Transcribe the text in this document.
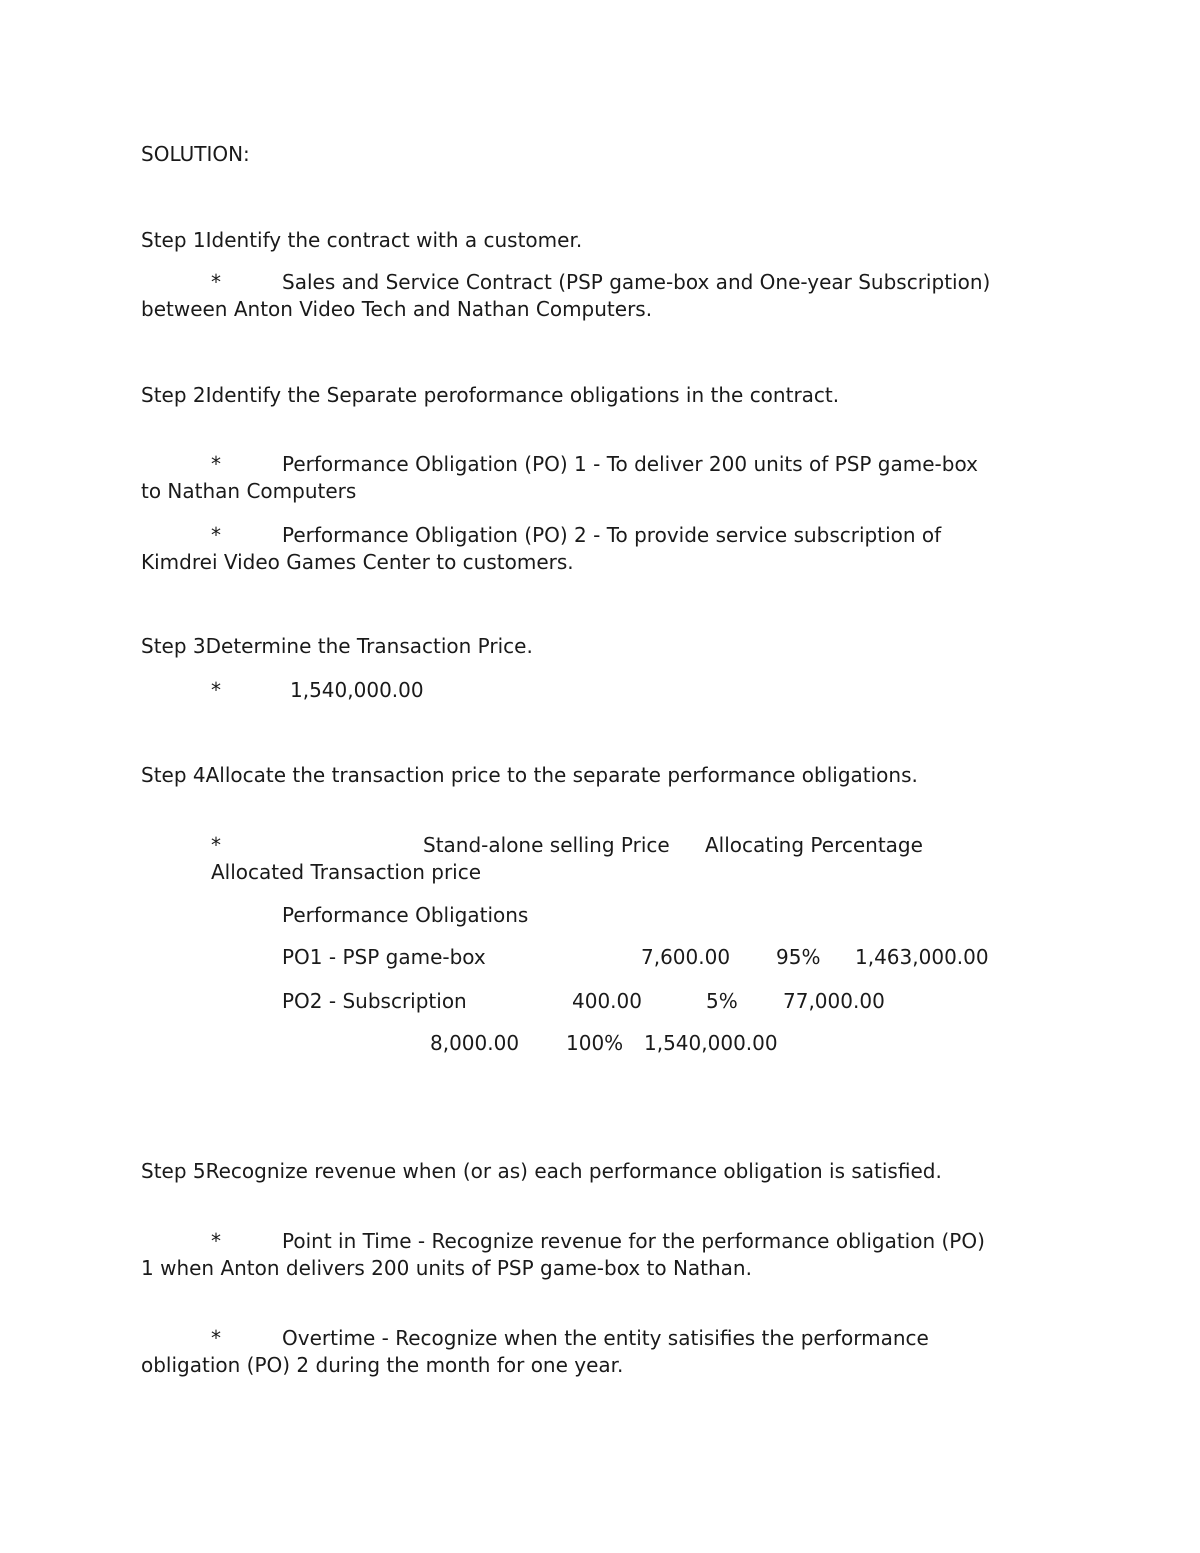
SOLUTION:
Step 1Identify the contract with a customer.
*	Sales and Service Contract (PSP game-box and One-year Subscription)
between Anton Video Tech and Nathan Computers.
Step 2Identify the Separate peroformance obligations in the contract.
*	Performance Obligation (PO) 1 - To deliver 200 units of PSP game-box
to Nathan Computers
*	Performance Obligation (PO) 2 - To provide service subscription of
Kimdrei Video Games Center to customers.
Step 3Determine the Transaction Price.
*	1,540,000.00
Step 4Allocate the transaction price to the separate performance obligations.
*	Stand-alone selling Price Allocating Percentage
Allocated Transaction price
Performance Obligations
PO1 - PSP game-box	7,600.00 95% 1,463,000.00
PO2 - Subscription	400.00	5% 77,000.00
8,000.00 100% 1,540,000.00
Step 5Recognize revenue when (or as) each performance obligation is satisfied.
*	Point in Time - Recognize revenue for the performance obligation (PO)
1 when Anton delivers 200 units of PSP game-box to Nathan.
*	Overtime - Recognize when the entity satisifies the performance
obligation (PO) 2 during the month for one year.
